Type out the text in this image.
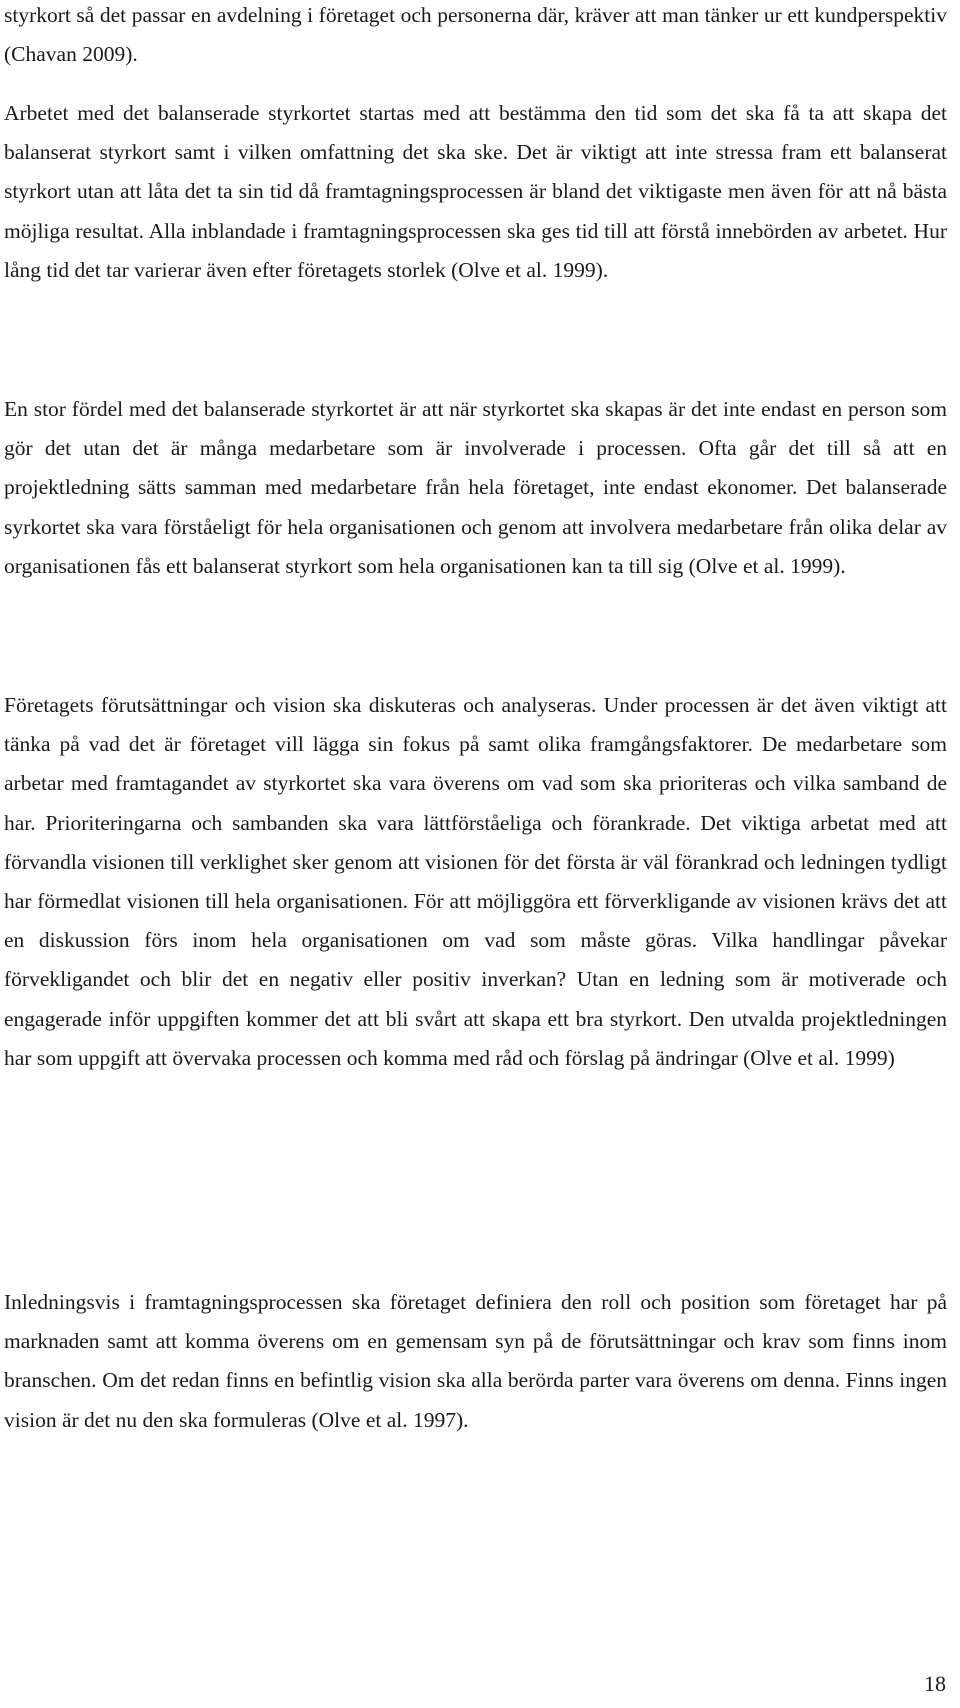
styrkort så det passar en avdelning i företaget och personerna där, kräver att man tänker ur ett kundperspektiv (Chavan 2009).

Arbetet med det balanserade styrkortet startas med att bestämma den tid som det ska få ta att skapa det balanserat styrkort samt i vilken omfattning det ska ske. Det är viktigt att inte stressa fram ett balanserat styrkort utan att låta det ta sin tid då framtagningsprocessen är bland det viktigaste men även för att nå bästa möjliga resultat. Alla inblandade i framtagningsprocessen ska ges tid till att förstå innebörden av arbetet. Hur lång tid det tar varierar även efter företagets storlek (Olve et al. 1999).

En stor fördel med det balanserade styrkortet är att när styrkortet ska skapas är det inte endast en person som gör det utan det är många medarbetare som är involverade i processen. Ofta går det till så att en projektledning sätts samman med medarbetare från hela företaget, inte endast ekonomer. Det balanserade syrkortet ska vara förståeligt för hela organisationen och genom att involvera medarbetare från olika delar av organisationen fås ett balanserat styrkort som hela organisationen kan ta till sig (Olve et al. 1999).

Företagets förutsättningar och vision ska diskuteras och analyseras. Under processen är det även viktigt att tänka på vad det är företaget vill lägga sin fokus på samt olika framgångsfaktorer. De medarbetare som arbetar med framtagandet av styrkortet ska vara överens om vad som ska prioriteras och vilka samband de har. Prioriteringarna och sambanden ska vara lättförståeliga och förankrade. Det viktiga arbetat med att förvandla visionen till verklighet sker genom att visionen för det första är väl förankrad och ledningen tydligt har förmedlat visionen till hela organisationen. För att möjliggöra ett förverkligande av visionen krävs det att en diskussion förs inom hela organisationen om vad som måste göras. Vilka handlingar påvekar förvekligandet och blir det en negativ eller positiv inverkan? Utan en ledning som är motiverade och engagerade inför uppgiften kommer det att bli svårt att skapa ett bra styrkort. Den utvalda projektledningen har som uppgift att övervaka processen och komma med råd och förslag på ändringar (Olve et al. 1999)

Inledningsvis i framtagningsprocessen ska företaget definiera den roll och position som företaget har på marknaden samt att komma överens om en gemensam syn på de förutsättningar och krav som finns inom branschen. Om det redan finns en befintlig vision ska alla berörda parter vara överens om denna. Finns ingen vision är det nu den ska formuleras (Olve et al. 1997).

18
